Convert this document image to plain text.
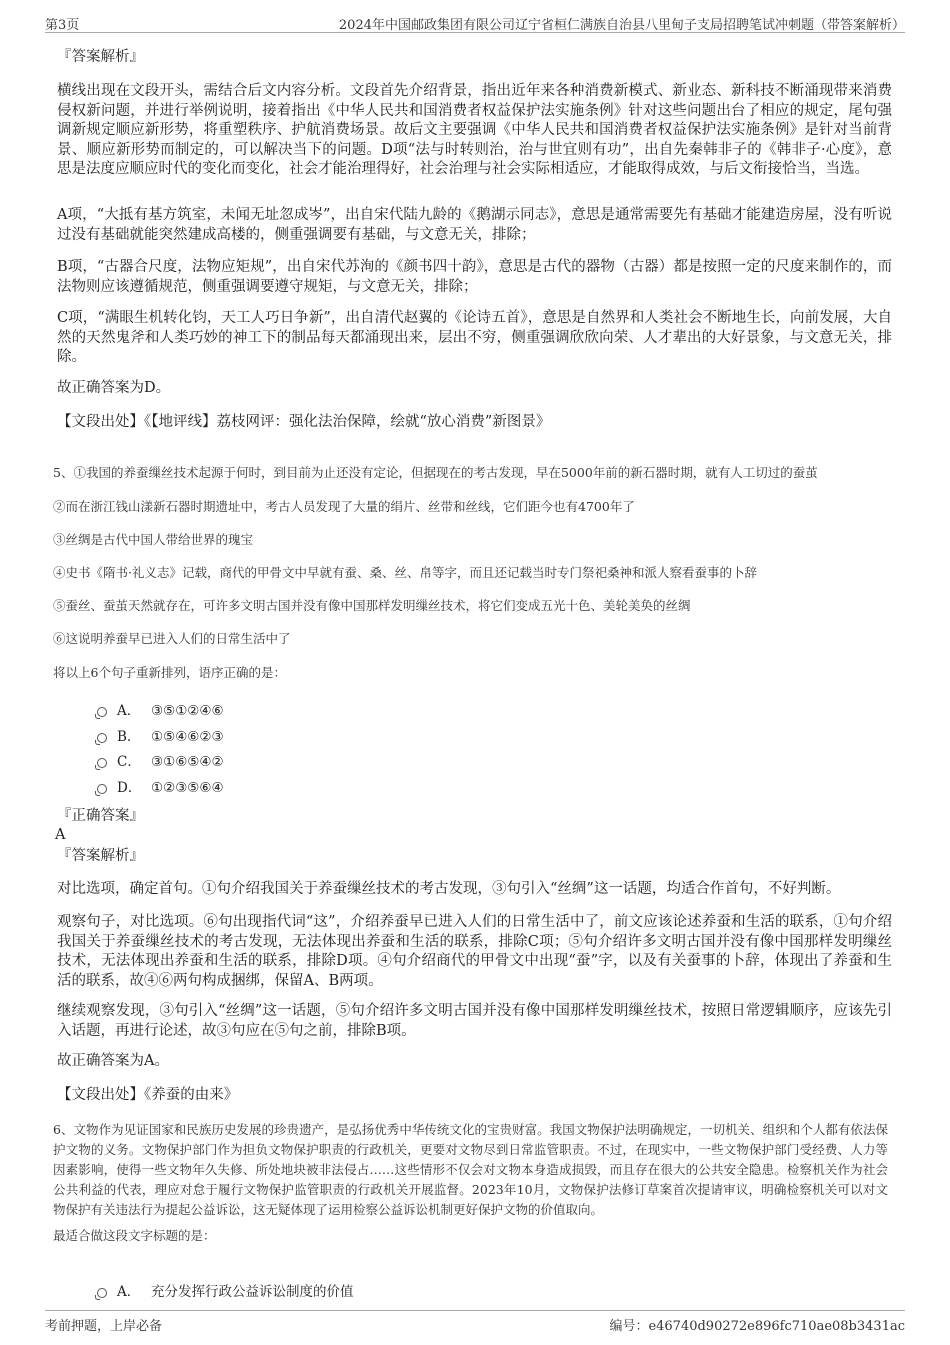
第3页	2024年中国邮政集团有限公司辽宁省桓仁满族自治县八里甸子支局招聘笔试冲刺题（带答案解析）

『答案解析』

横线出现在文段开头，需结合后文内容分析。文段首先介绍背景，指出近年来各种消费新模式、新业态、新科技不断涌现带来消费侵权新问题，并进行举例说明，接着指出《中华人民共和国消费者权益保护法实施条例》针对这些问题出台了相应的规定，尾句强调新规定顺应新形势，将重塑秩序、护航消费场景。故后文主要强调《中华人民共和国消费者权益保护法实施条例》是针对当前背景、顺应新形势而制定的，可以解决当下的问题。D项“法与时转则治，治与世宜则有功”，出自先秦韩非子的《韩非子·心度》，意思是法度应顺应时代的变化而变化，社会才能治理得好，社会治理与社会实际相适应，才能取得成效，与后文衔接恰当，当选。

A项，“大抵有基方筑室，未闻无址忽成岑”，出自宋代陆九龄的《鹅湖示同志》，意思是通常需要先有基础才能建造房屋，没有听说过没有基础就能突然建成高楼的，侧重强调要有基础，与文意无关，排除；

B项，“古器合尺度，法物应矩规”，出自宋代苏洵的《颜书四十韵》，意思是古代的器物（古器）都是按照一定的尺度来制作的，而法物则应该遵循规范，侧重强调要遵守规矩，与文意无关，排除；

C项，“满眼生机转化钧，天工人巧日争新”，出自清代赵翼的《论诗五首》，意思是自然界和人类社会不断地生长，向前发展，大自然的天然鬼斧和人类巧妙的神工下的制品每天都涌现出来，层出不穷，侧重强调欣欣向荣、人才辈出的大好景象，与文意无关，排除。

故正确答案为D。

【文段出处】《【地评线】荔枝网评：强化法治保障，绘就“放心消费”新图景》

5、①我国的养蚕缫丝技术起源于何时，到目前为止还没有定论，但据现在的考古发现，早在5000年前的新石器时期，就有人工切过的蚕茧

②而在浙江钱山漾新石器时期遗址中，考古人员发现了大量的绢片、丝带和丝线，它们距今也有4700年了

③丝绸是古代中国人带给世界的瑰宝

④史书《隋书·礼义志》记载，商代的甲骨文中早就有蚕、桑、丝、帛等字，而且还记载当时专门祭祀桑神和派人察看蚕事的卜辞

⑤蚕丝、蚕茧天然就存在，可许多文明古国并没有像中国那样发明缫丝技术，将它们变成五光十色、美轮美奂的丝绸

⑥这说明养蚕早已进入人们的日常生活中了

将以上6个句子重新排列，语序正确的是：

A． ③⑤①②④⑥
B． ①⑤④⑥②③
C． ③①⑥⑤④②
D． ①②③⑤⑥④

『正确答案』

A

『答案解析』

对比选项，确定首句。①句介绍我国关于养蚕缫丝技术的考古发现，③句引入“丝绸”这一话题，均适合作首句，不好判断。

观察句子，对比选项。⑥句出现指代词“这”，介绍养蚕早已进入人们的日常生活中了，前文应该论述养蚕和生活的联系，①句介绍我国关于养蚕缫丝技术的考古发现，无法体现出养蚕和生活的联系，排除C项；⑤句介绍许多文明古国并没有像中国那样发明缫丝技术，无法体现出养蚕和生活的联系，排除D项。④句介绍商代的甲骨文中出现“蚕”字，以及有关蚕事的卜辞，体现出了养蚕和生活的联系，故④⑥两句构成捆绑，保留A、B两项。

继续观察发现，③句引入“丝绸”这一话题，⑤句介绍许多文明古国并没有像中国那样发明缫丝技术，按照日常逻辑顺序，应该先引入话题，再进行论述，故③句应在⑤句之前，排除B项。

故正确答案为A。

【文段出处】《养蚕的由来》

6、文物作为见证国家和民族历史发展的珍贵遗产，是弘扬优秀中华传统文化的宝贵财富。我国文物保护法明确规定，一切机关、组织和个人都有依法保护文物的义务。文物保护部门作为担负文物保护职责的行政机关，更要对文物尽到日常监管职责。不过，在现实中，一些文物保护部门受经费、人力等因素影响，使得一些文物年久失修、所处地块被非法侵占……这些情形不仅会对文物本身造成损毁，而且存在很大的公共安全隐患。检察机关作为社会公共利益的代表，理应对怠于履行文物保护监管职责的行政机关开展监督。2023年10月，文物保护法修订草案首次提请审议，明确检察机关可以对文物保护有关违法行为提起公益诉讼，这无疑体现了运用检察公益诉讼机制更好保护文物的价值取向。

最适合做这段文字标题的是：

A． 充分发挥行政公益诉讼制度的价值
考前押题，上岸必备	编号：e46740d90272e896fc710ae08b3431ac
